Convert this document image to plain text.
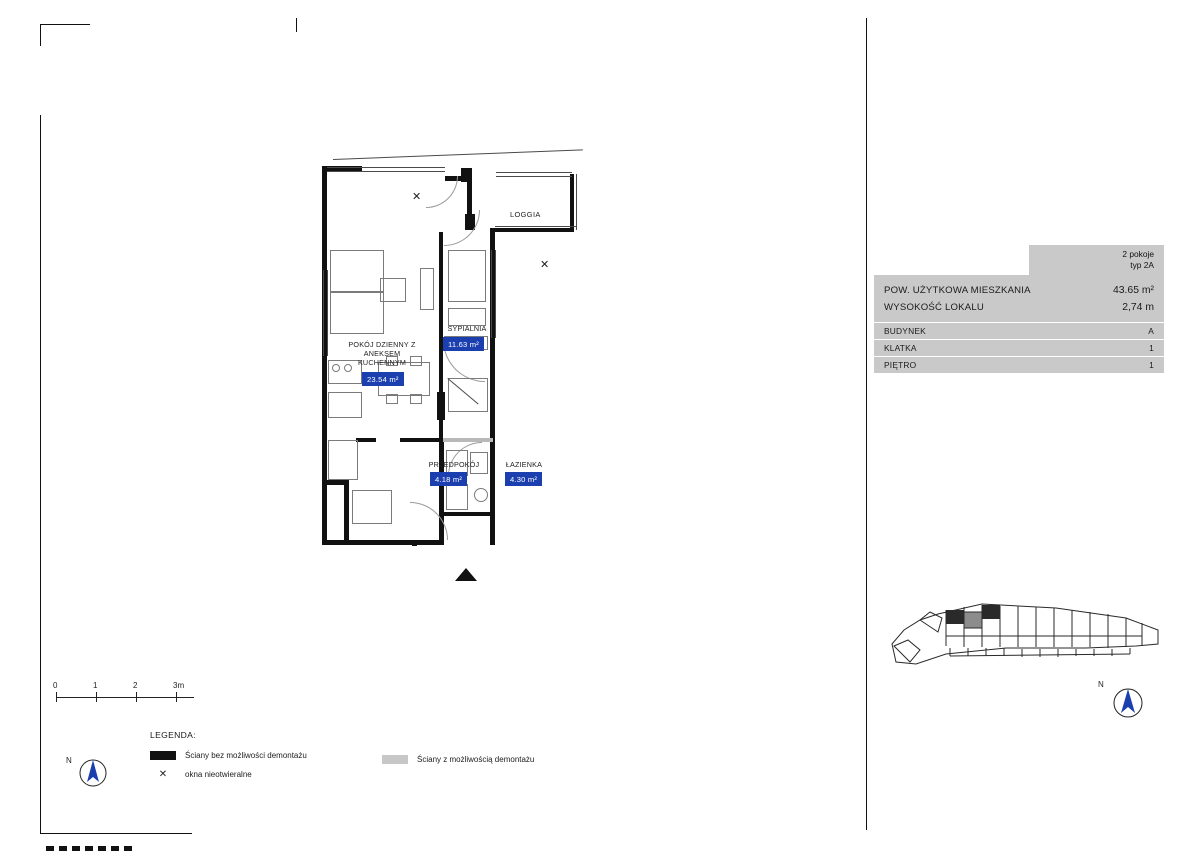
✕
✕
LOGGIA
POKÓJ DZIENNY Z
ANEKSEM
KUCHENNYM
23.54 m²
SYPIALNIA
11.63 m²
PRZEDPOKÓJ
4.18 m²
ŁAZIENKA
4.30 m²
0	1	2	3m
LEGENDA:
Ściany bez możliwości demontażu
✕	okna nieotwieralne
Ściany z możliwością demontażu
N
2 pokoje
typ 2A
POW. UŻYTKOWA MIESZKANIA	43.65 m²
WYSOKOŚĆ LOKALU	2,74 m
BUDYNEK	A
KLATKA	1
PIĘTRO	1
N
